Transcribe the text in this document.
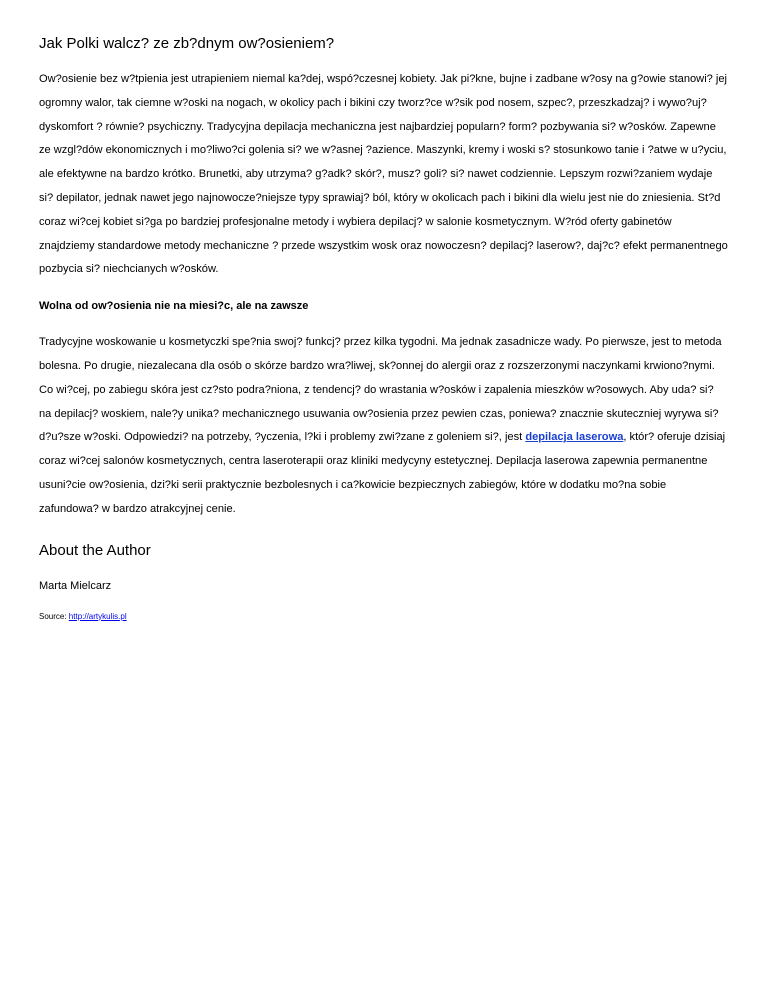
Jak Polki walcz? ze zb?dnym ow?osieniem?

Ow?osienie bez w?tpienia jest utrapieniem niemal ka?dej, wspó?czesnej kobiety. Jak pi?kne, bujne i zadbane w?osy na g?owie stanowi? jej ogromny walor, tak ciemne w?oski na nogach, w okolicy pach i bikini czy tworz?ce w?sik pod nosem, szpec?, przeszkadzaj? i wywo?uj? dyskomfort ? równie? psychiczny. Tradycyjna depilacja mechaniczna jest najbardziej popularn? form? pozbywania si? w?osków. Zapewne ze wzgl?dów ekonomicznych i mo?liwo?ci golenia si? we w?asnej ?azience. Maszynki, kremy i woski s? stosunkowo tanie i ?atwe w u?yciu, ale efektywne na bardzo krótko. Brunetki, aby utrzyma? g?adk? skór?, musz? goli? si? nawet codziennie. Lepszym rozwi?zaniem wydaje si? depilator, jednak nawet jego najnowocze?niejsze typy sprawiaj? ból, który w okolicach pach i bikini dla wielu jest nie do zniesienia. St?d coraz wi?cej kobiet si?ga po bardziej profesjonalne metody i wybiera depilacj? w salonie kosmetycznym. W?ród oferty gabinetów znajdziemy standardowe metody mechaniczne ? przede wszystkim wosk oraz nowoczesn? depilacj? laserow?, daj?c? efekt permanentnego pozbycia si? niechcianych w?osków.

Wolna od ow?osienia nie na miesi?c, ale na zawsze

Tradycyjne woskowanie u kosmetyczki spe?nia swoj? funkcj? przez kilka tygodni. Ma jednak zasadnicze wady. Po pierwsze, jest to metoda bolesna. Po drugie, niezalecana dla osób o skórze bardzo wra?liwej, sk?onnej do alergii oraz z rozszerzonymi naczynkami krwiono?nymi. Co wi?cej, po zabiegu skóra jest cz?sto podra?niona, z tendencj? do wrastania w?osków i zapalenia mieszków w?osowych. Aby uda? si? na depilacj? woskiem, nale?y unika? mechanicznego usuwania ow?osienia przez pewien czas, poniewa? znacznie skuteczniej wyrywa si? d?u?sze w?oski. Odpowiedzi? na potrzeby, ?yczenia, l?ki i problemy zwi?zane z goleniem si?, jest depilacja laserowa, któr? oferuje dzisiaj coraz wi?cej salonów kosmetycznych, centra laseroterapii oraz kliniki medycyny estetycznej. Depilacja laserowa zapewnia permanentne usuni?cie ow?osienia, dzi?ki serii praktycznie bezbolesnych i ca?kowicie bezpiecznych zabiegów, które w dodatku mo?na sobie zafundowa? w bardzo atrakcyjnej cenie.

About the Author

Marta Mielcarz

Source: http://artykulis.pl
